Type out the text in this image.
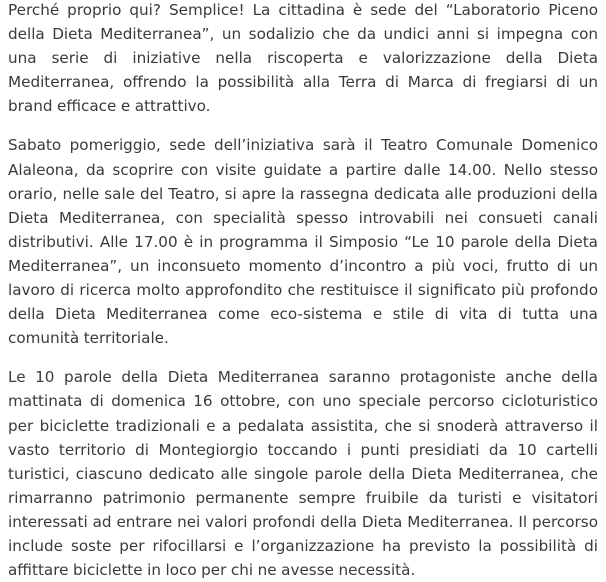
Perché proprio qui? Semplice! La cittadina è sede del “Laboratorio Piceno della Dieta Mediterranea”, un sodalizio che da undici anni si impegna con una serie di iniziative nella riscoperta e valorizzazione della Dieta Mediterranea, offrendo la possibilità alla Terra di Marca di fregiarsi di un brand efficace e attrattivo.

Sabato pomeriggio, sede dell’iniziativa sarà il Teatro Comunale Domenico Alaleona, da scoprire con visite guidate a partire dalle 14.00. Nello stesso orario, nelle sale del Teatro, si apre la rassegna dedicata alle produzioni della Dieta Mediterranea, con specialità spesso introvabili nei consueti canali distributivi. Alle 17.00 è in programma il Simposio “Le 10 parole della Dieta Mediterranea”, un inconsueto momento d’incontro a più voci, frutto di un lavoro di ricerca molto approfondito che restituisce il significato più profondo della Dieta Mediterranea come eco-sistema e stile di vita di tutta una comunità territoriale.

Le 10 parole della Dieta Mediterranea saranno protagoniste anche della mattinata di domenica 16 ottobre, con uno speciale percorso cicloturistico per biciclette tradizionali e a pedalata assistita, che si snoderà attraverso il vasto territorio di Montegiorgio toccando i punti presidiati da 10 cartelli turistici, ciascuno dedicato alle singole parole della Dieta Mediterranea, che rimarranno patrimonio permanente sempre fruibile da turisti e visitatori interessati ad entrare nei valori profondi della Dieta Mediterranea. Il percorso include soste per rifocillarsi e l’organizzazione ha previsto la possibilità di affittare biciclette in loco per chi ne avesse necessità.
